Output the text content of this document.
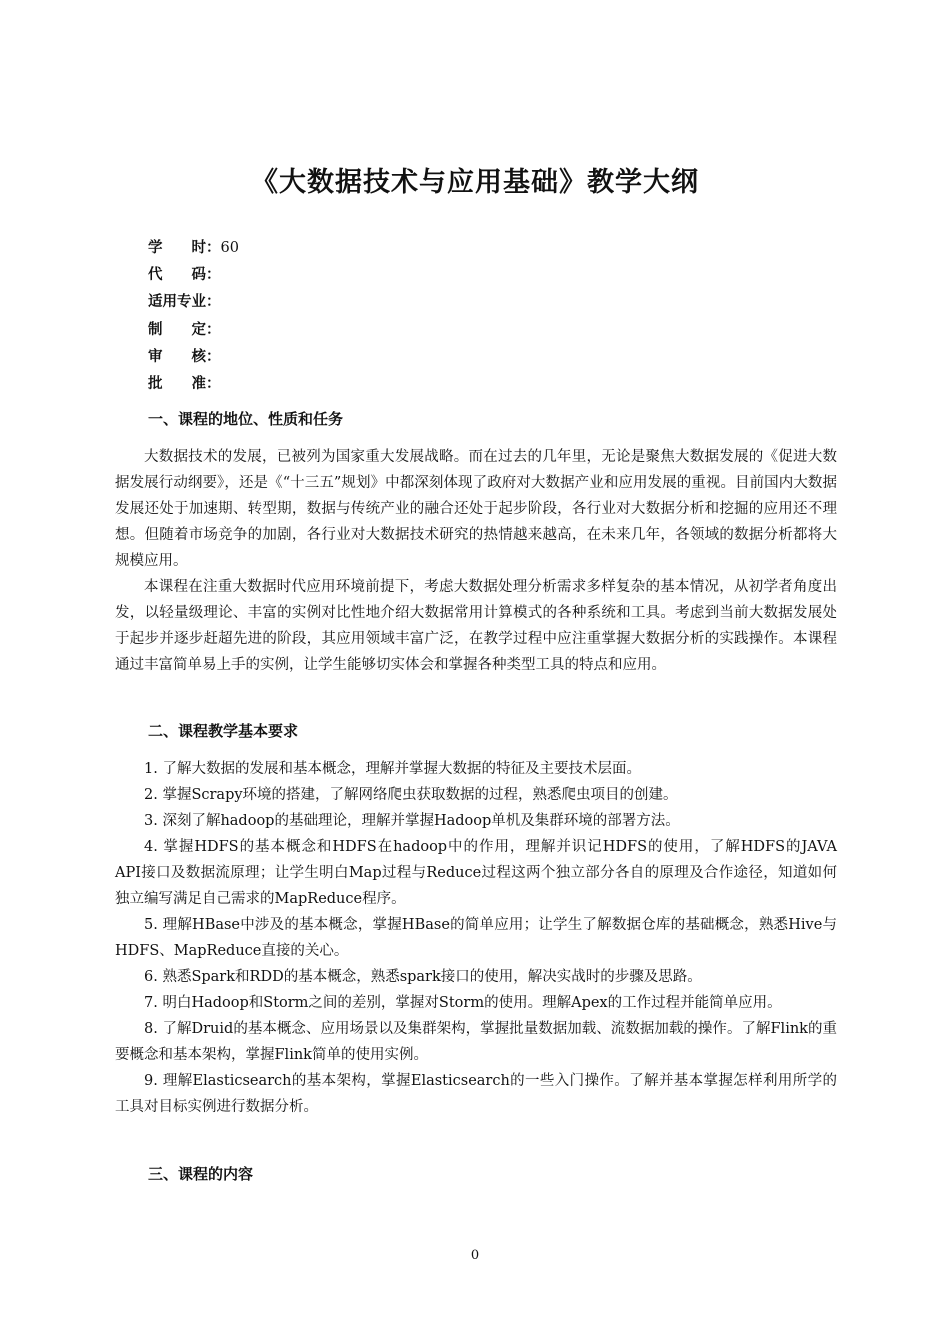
《大数据技术与应用基础》教学大纲
学　　时： 60
代　　码：
适用专业：
制　　定：
审　　核：
批　　准：
一、课程的地位、性质和任务

大数据技术的发展，已被列为国家重大发展战略。而在过去的几年里，无论是聚焦大数据发展的《促进大数据发展行动纲要》，还是《“十三五”规划》中都深刻体现了政府对大数据产业和应用发展的重视。目前国内大数据发展还处于加速期、转型期，数据与传统产业的融合还处于起步阶段，各行业对大数据分析和挖掘的应用还不理想。但随着市场竞争的加剧，各行业对大数据技术研究的热情越来越高，在未来几年，各领域的数据分析都将大规模应用。

本课程在注重大数据时代应用环境前提下，考虑大数据处理分析需求多样复杂的基本情况，从初学者角度出发，以轻量级理论、丰富的实例对比性地介绍大数据常用计算模式的各种系统和工具。考虑到当前大数据发展处于起步并逐步赶超先进的阶段，其应用领域丰富广泛，在教学过程中应注重掌握大数据分析的实践操作。本课程通过丰富简单易上手的实例，让学生能够切实体会和掌握各种类型工具的特点和应用。

二、课程教学基本要求

1. 了解大数据的发展和基本概念，理解并掌握大数据的特征及主要技术层面。

2. 掌握Scrapy环境的搭建，了解网络爬虫获取数据的过程，熟悉爬虫项目的创建。

3. 深刻了解hadoop的基础理论，理解并掌握Hadoop单机及集群环境的部署方法。

4. 掌握HDFS的基本概念和HDFS在hadoop中的作用，理解并识记HDFS的使用，了解HDFS的JAVA　API接口及数据流原理；让学生明白Map过程与Reduce过程这两个独立部分各自的原理及合作途径，知道如何独立编写满足自己需求的MapReduce程序。

5. 理解HBase中涉及的基本概念，掌握HBase的简单应用；让学生了解数据仓库的基础概念，熟悉Hive与HDFS、MapReduce直接的关心。

6. 熟悉Spark和RDD的基本概念，熟悉spark接口的使用，解决实战时的步骤及思路。

7. 明白Hadoop和Storm之间的差别，掌握对Storm的使用。理解Apex的工作过程并能简单应用。

8. 了解Druid的基本概念、应用场景以及集群架构，掌握批量数据加载、流数据加载的操作。了解Flink的重要概念和基本架构，掌握Flink简单的使用实例。

9. 理解Elasticsearch的基本架构，掌握Elasticsearch的一些入门操作。了解并基本掌握怎样利用所学的工具对目标实例进行数据分析。

三、课程的内容
0
